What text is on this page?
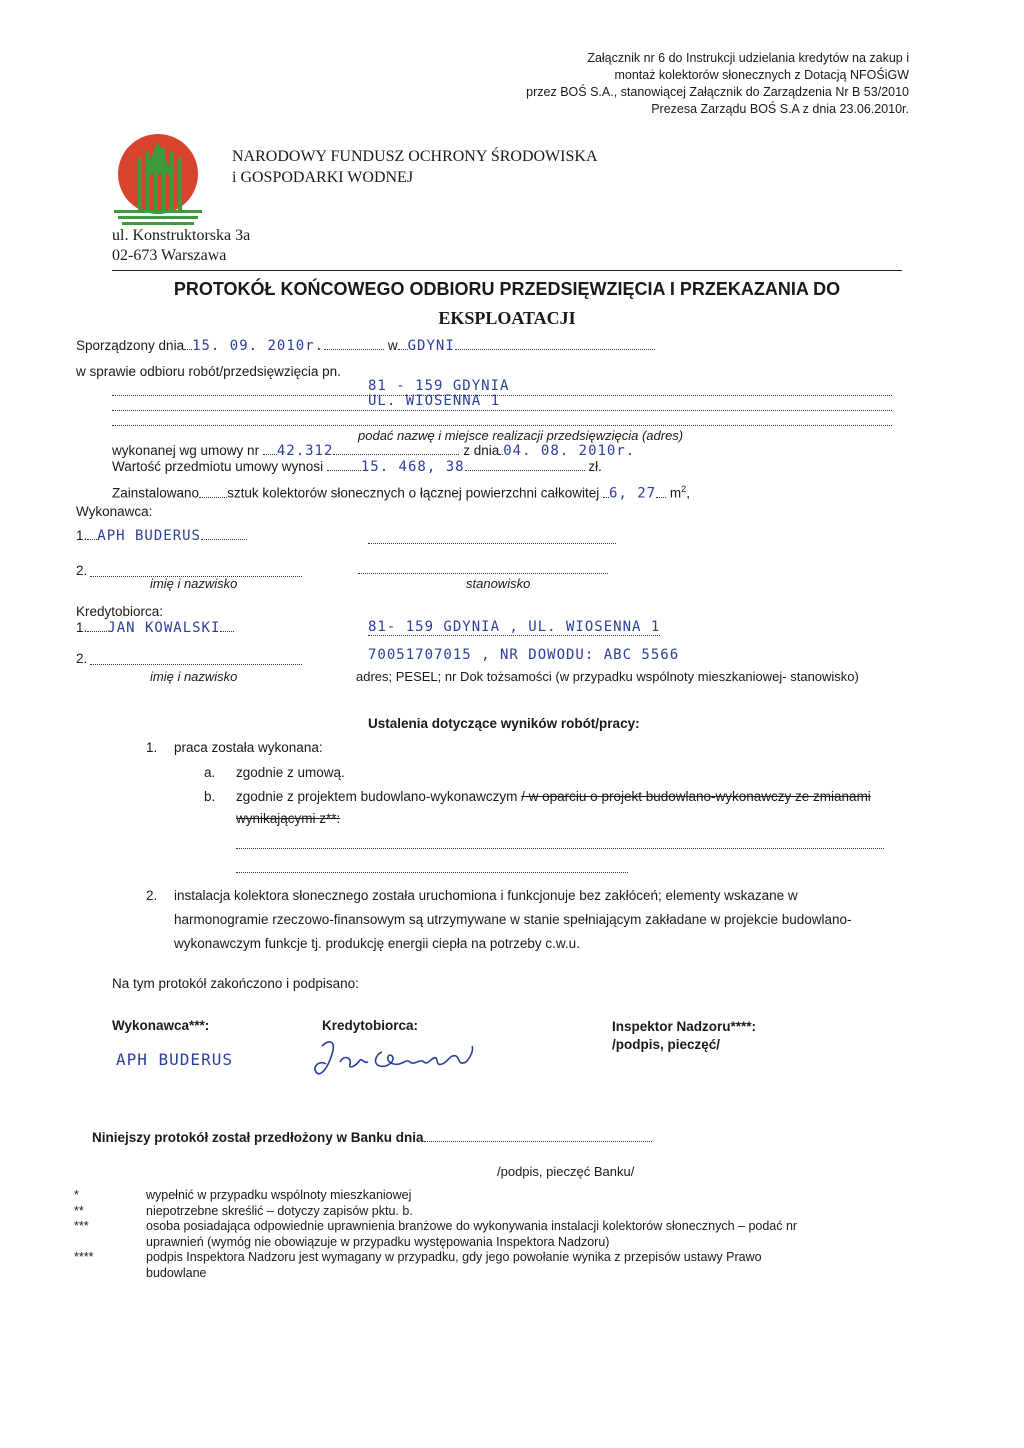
Załącznik nr 6 do Instrukcji udzielania kredytów na zakup i
montaż kolektorów słonecznych z Dotacją NFOŚiGW
przez BOŚ S.A., stanowiącej Załącznik do Zarządzenia Nr B 53/2010
Prezesa Zarządu BOŚ S.A z dnia 23.06.2010r.
NARODOWY FUNDUSZ OCHRONY ŚRODOWISKA
i GOSPODARKI WODNEJ
ul. Konstruktorska 3a
02-673 Warszawa
PROTOKÓŁ KOŃCOWEGO ODBIORU PRZEDSIĘWZIĘCIA I PRZEKAZANIA DO
EKSPLOATACJI
Sporządzony dnia 15. 09. 2010r.	w GDYNI
w sprawie odbioru robót/przedsięwzięcia pn.
81 - 159 GDYNIA
UL. WIOSENNA 1
podać nazwę i miejsce realizacji przedsięwzięcia (adres)
wykonanej wg umowy nr 42.312	z dnia 04. 08. 2010r.
Wartość przedmiotu umowy wynosi	15. 468, 38	zł.
Zainstalowano sztuk kolektorów słonecznych o łącznej powierzchni całkowitej 6, 27 $m^2$,
Wykonawca:
1. APH BUDERUS
2.
imię i nazwisko	stanowisko
Kredytobiorca:
1. JAN KOWALSKI	81- 159 GDYNIA , UL. WIOSENNA 1
2.	70051707015 , NR DOWODU: ABC 5566
imię i nazwisko	adres; PESEL; nr Dok tożsamości (w przypadku wspólnoty mieszkaniowej- stanowisko)
Ustalenia dotyczące wyników robót/pracy:
1. praca została wykonana:
a. zgodnie z umową.
b. zgodnie z projektem budowlano-wykonawczym / w oparciu o projekt budowlano-wykonawczy ze zmianami
wynikającymi z**:
2. instalacja kolektora słonecznego została uruchomiona i funkcjonuje bez zakłóceń; elementy wskazane w
harmonogramie rzeczowo-finansowym są utrzymywane w stanie spełniającym zakładane w projekcie budowlano-
wykonawczym funkcje tj. produkcję energii ciepła na potrzeby c.w.u.
Na tym protokół zakończono i podpisano:
Wykonawca***:	Kredytobiorca:	Inspektor Nadzoru****:
/podpis, pieczęć/
APH BUDERUS
Niniejszy protokół został przedłożony w Banku dnia
/podpis, pieczęć Banku/
*	wypełnić w przypadku wspólnoty mieszkaniowej
**	niepotrzebne skreślić – dotyczy zapisów pktu. b.
***	osoba posiadająca odpowiednie uprawnienia branżowe do wykonywania instalacji kolektorów słonecznych – podać nr
uprawnień (wymóg nie obowiązuje w przypadku występowania Inspektora Nadzoru)
****	podpis Inspektora Nadzoru jest wymagany w przypadku, gdy jego powołanie wynika z przepisów ustawy Prawo
budowlane
